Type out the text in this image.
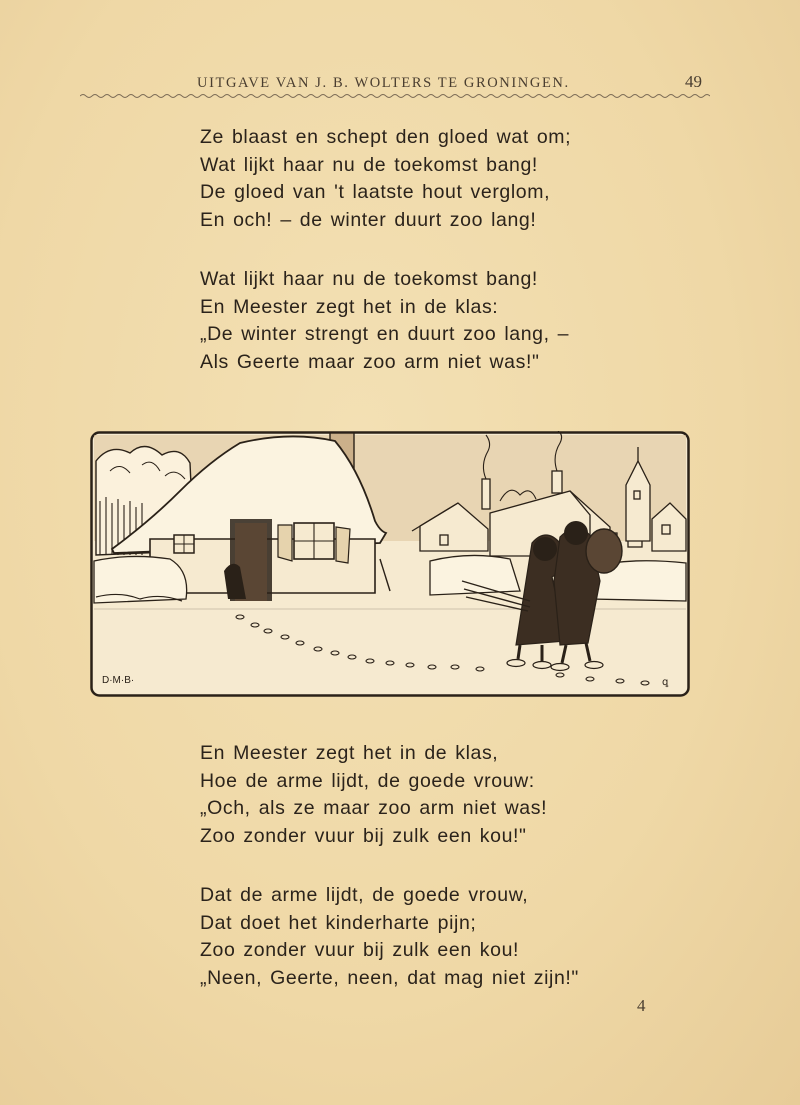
UITGAVE VAN J. B. WOLTERS TE GRONINGEN.	49
Ze blaast en schept den gloed wat om;
Wat lijkt haar nu de toekomst bang!
De gloed van 't laatste hout verglom,
En och! – de winter duurt zoo lang!
Wat lijkt haar nu de toekomst bang!
En Meester zegt het in de klas:
„De winter strengt en duurt zoo lang, –
Als Geerte maar zoo arm niet was!"
D·M·B·	ꝗ
En Meester zegt het in de klas,
Hoe de arme lijdt, de goede vrouw:
„Och, als ze maar zoo arm niet was!
Zoo zonder vuur bij zulk een kou!"
Dat de arme lijdt, de goede vrouw,
Dat doet het kinderharte pijn;
Zoo zonder vuur bij zulk een kou!
„Neen, Geerte, neen, dat mag niet zijn!"
4
